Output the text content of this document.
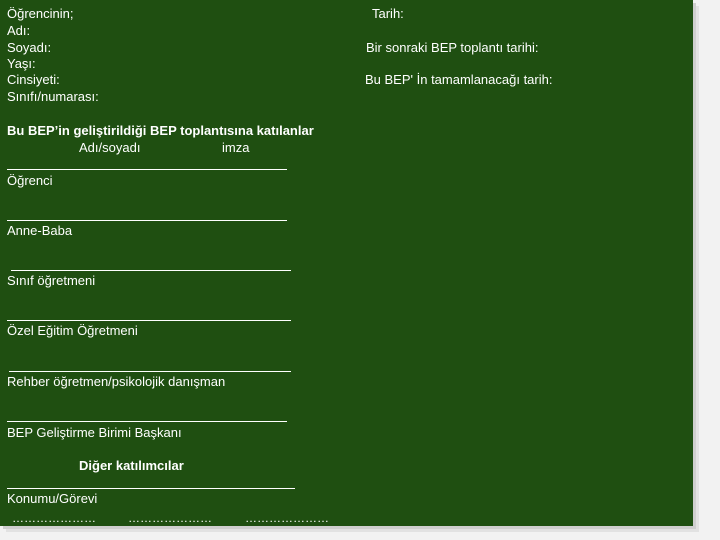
Öğrencinin;
Adı:
Soyadı:
Yaşı:
Cinsiyeti:
Sınıfı/numarası:
Tarih:
Bir sonraki BEP toplantı tarihi:
Bu BEP' İn tamamlanacağı tarih:
Bu BEP’in geliştirildiği BEP toplantısına katılanlar
Adı/soyadı	imza
Öğrenci
Anne-Baba
Sınıf öğretmeni
Özel Eğitim Öğretmeni
Rehber öğretmen/psikolojik danışman
BEP Geliştirme Birimi Başkanı
Diğer katılımcılar
Konumu/Görevi
…………………	…………………	…………………
